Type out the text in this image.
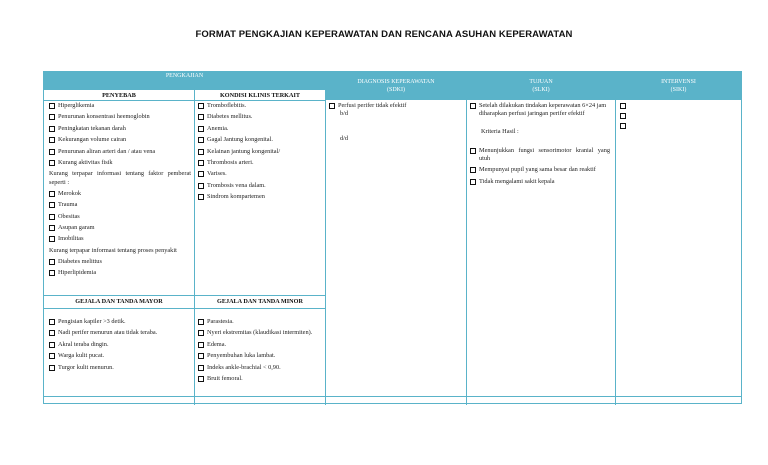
FORMAT PENGKAJIAN KEPERAWATAN DAN RENCANA ASUHAN KEPERAWATAN
PENGKAJIAN
DIAGNOSIS KEPERAWATAN
(SDKI)
TUJUAN
(SLKI)
INTERVENSI
(SIKI)
PENYEBAB	KONDISI KLINIS TERKAIT
Hiperglikemia
Penurunan konsentrasi heemoglobin
Peningkatan tekanan darah
Kekurangan volume cairan
Penurunan aliran arteri dan / atau vena
Kurang aktivitas fisik
Kurang terpapar informasi tentang faktor pemberat seperti :
Merokok
Trauma
Obesitas
Asupan garam
Imobilitas
Kurang terpapar informasi tentang proses penyakit
Diabetes melittus
Hiperlipidemia
Tromboflebitis.
Diabetes mellitus.
Anemia.
Gagal Jantung kongenital.
Kelainan jantung kongenital/
Thrombosis arteri.
Varises.
Trombosis vena dalam.
Sindrom kompartemen
GEJALA DAN TANDA MAYOR	GEJALA DAN TANDA MINOR
Pengisian kapiler >3 detik.
Nadi perifer menurun atau tidak teraba.
Akral teraba dingin.
Warga kulit pucat.
Turgor kulit menurun.
Parastesia.
Nyeri ekstremitas (klaudikasi intermiten).
Edema.
Penyembuhan luka lambat.
Indeks ankle-brachial < 0,90.
Bruit femoral.
Perfusi perifer tidak efektif
b/d
d/d
Setelah dilakukan tindakan keperawatan 6×24 jam diharapkan perfusi jaringan perifer efektif
Kriteria Hasil :
Menunjukkan fungsi sensorimotor kranial yang utuh
Mempunyai pupil yang sama besar dan reaktif
Tidak mengalami sakit kepala
